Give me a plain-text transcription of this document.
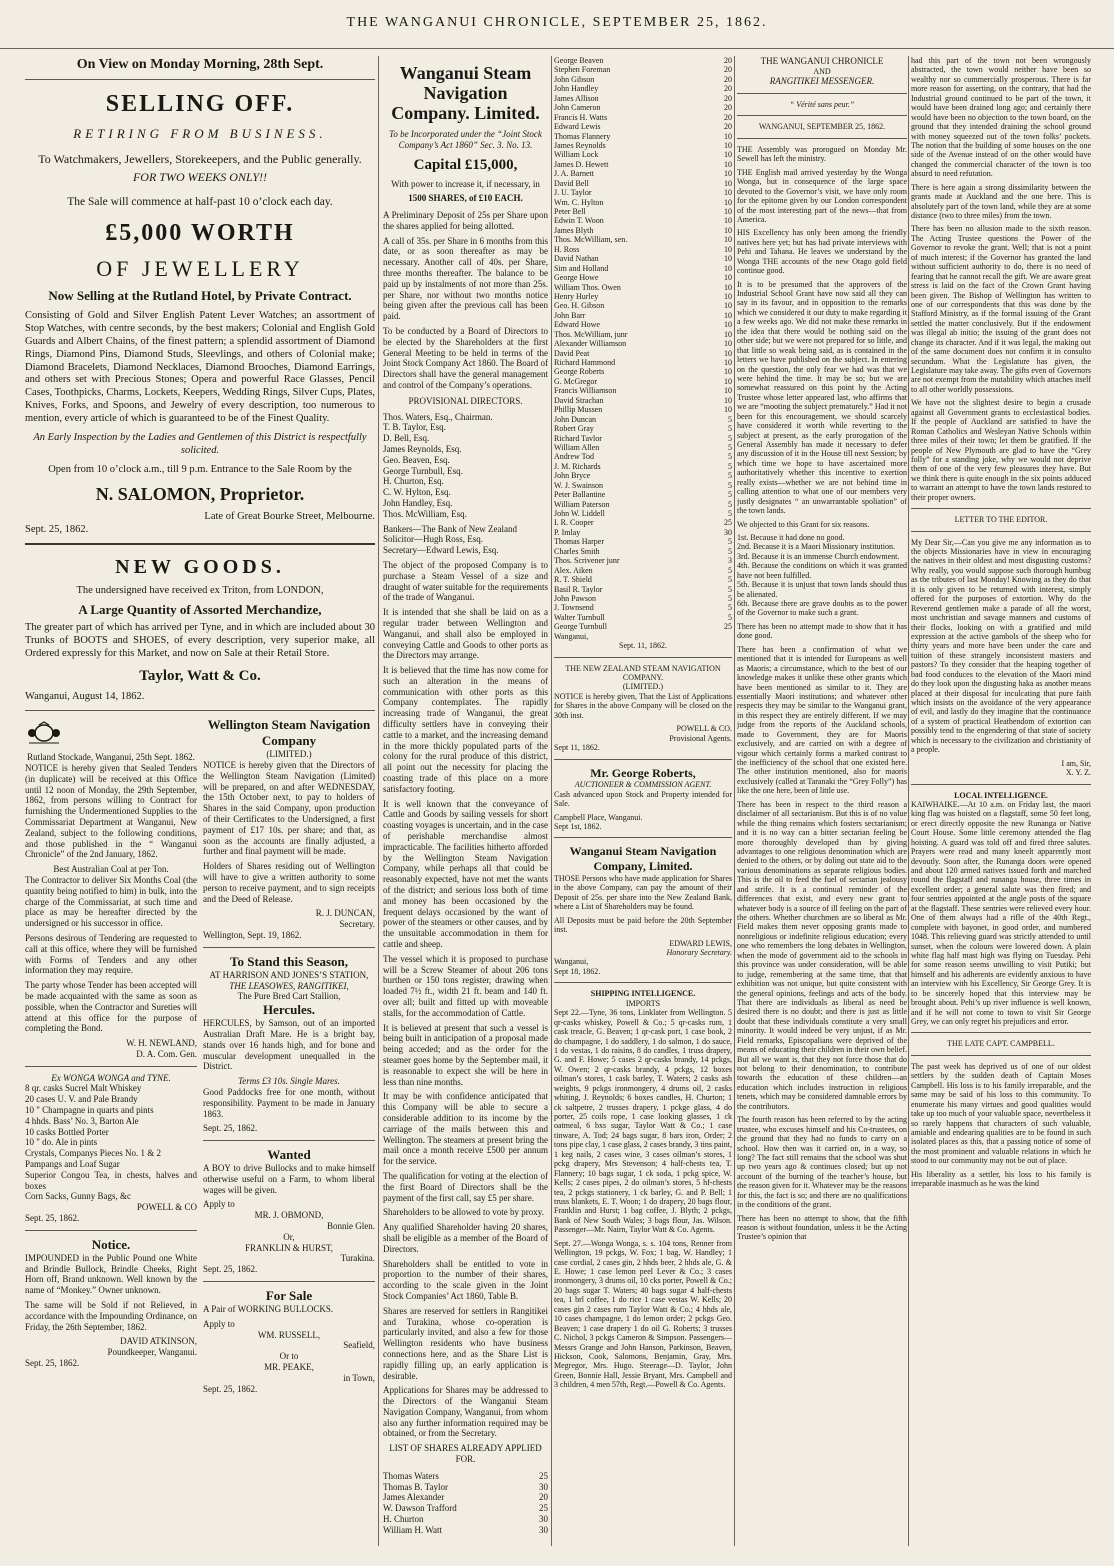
THE WANGANUI CHRONICLE, SEPTEMBER 25, 1862.
On View on Monday Morning, 28th Sept.
SELLING OFF.
RETIRING FROM BUSINESS.
To Watchmakers, Jewellers, Storekeepers, and the Public generally.
FOR TWO WEEKS ONLY!!
The Sale will commence at half-past 10 o’clock each day.
£5,000 WORTH
OF JEWELLERY
Now Selling at the Rutland Hotel, by Private Contract.

Consisting of Gold and Silver English Patent Lever Watches; an assortment of Stop Watches, with centre seconds, by the best makers; Colonial and English Gold Guards and Albert Chains, of the finest pattern; a splendid assortment of Diamond Rings, Diamond Pins, Diamond Studs, Sleevlings, and others of Colonial make; Diamond Bracelets, Diamond Necklaces, Diamond Brooches, Diamond Earrings, and others set with Precious Stones; Opera and powerful Race Glasses, Pencil Cases, Toothpicks, Charms, Lockets, Keepers, Wedding Rings, Silver Cups, Plates, Knives, Forks, and Spoons, and Jewelry of every description, too numerous to mention, every article of which is guaranteed to be of the Finest Quality.

An Early Inspection by the Ladies and Gentlemen of this District is respectfully solicited.
Open from 10 o’clock a.m., till 9 p.m. Entrance to the Sale Room by the
N. SALOMON, Proprietor.
Late of Great Bourke Street, Melbourne.
Sept. 25, 1862.
NEW GOODS.
The undersigned have received ex Triton, from LONDON,
A Large Quantity of Assorted Merchandize,

The greater part of which has arrived per Tyne, and in which are included about 30 Trunks of BOOTS and SHOES, of every description, very superior make, all Ordered expressly for this Market, and now on Sale at their Retail Store.

Taylor, Watt & Co.
Wanganui, August 14, 1862.
Rutland Stockade, Wanganui, 25th Sept. 1862.

NOTICE is hereby given that Sealed Tenders (in duplicate) will be received at this Office until 12 noon of Monday, the 29th September, 1862, from persons willing to Contract for furnishing the Undermentioned Supplies to the Commissariat Department at Wanganui, New Zealand, subject to the following conditions, and those published in the “ Wanganui Chronicle” of the 2nd January, 1862.

Best Australian Coal at per Ton.

The Contractor to deliver Six Months Coal (the quantity being notified to him) in bulk, into the charge of the Commissariat, at such time and place as may be hereafter directed by the undersigned or his successor in office.

Persons desirous of Tendering are requested to call at this office, where they will be furnished with Forms of Tenders and any other information they may require.

The party whose Tender has been accepted will be made acquainted with the same as soon as possible, when the Contractor and Sureties will attend at this office for the purpose of completing the Bond.

W. H. NEWLAND,
D. A. Com. Gen.
Ex WONGA WONGA and TYNE.
8 qr. casks Sucrel Malt Whiskey
20 cases U. V. and Pale Brandy
10 " Champagne in quarts and pints
4 hhds. Bass’ No. 3, Barton Ale
10 casks Bottled Porter
10 " do. Ale in pints
Crystals, Companys Pieces No. 1 & 2
Pampangs and Loaf Sugar
Superior Congou Tea, in chests, halves and boxes
Corn Sacks, Gunny Bags, &c
POWELL & CO
Sept. 25, 1862.
Notice.

IMPOUNDED in the Public Pound one White and Brindle Bullock, Brindle Cheeks, Right Horn off, Brand unknown. Well known by the name of “Monkey.” Owner unknown.

The same will be Sold if not Relieved, in accordance with the Impounding Ordinance, on Friday, the 26th September, 1862.

DAVID ATKINSON,
Poundkeeper, Wanganui.
Sept. 25, 1862.
Wellington Steam Navigation Company
(LIMITED.)

NOTICE is hereby given that the Directors of the Wellington Steam Navigation (Limited) will be prepared, on and after WEDNESDAY, the 15th October next, to pay to holders of Shares in the said Company, upon production of their Certificates to the Undersigned, a first payment of £17 10s. per share; and that, as soon as the accounts are finally adjusted, a further and final payment will be made.

Holders of Shares residing out of Wellington will have to give a written authority to some person to receive payment, and to sign receipts and the Deed of Release.

R. J. DUNCAN,
Secretary.
Wellington, Sept. 19, 1862.
To Stand this Season,
AT HARRISON AND JONES’S STATION,
THE LEASOWES, RANGITIKEI,
The Pure Bred Cart Stallion,
Hercules.

HERCULES, by Samson, out of an imported Australian Draft Mare. He is a bright bay, stands over 16 hands high, and for bone and muscular development unequalled in the District.

Terms £3 10s. Single Mares.

Good Paddocks free for one month, without responsibility. Payment to be made in January 1863.

Sept. 25, 1862.
Wanted

A BOY to drive Bullocks and to make himself otherwise useful on a Farm, to whom liberal wages will be given.

Apply to
MR. J. OBMOND,
Bonnie Glen.
Or,
FRANKLIN & HURST,
Turakina.
Sept. 25, 1862.
For Sale

A Pair of WORKING BULLOCKS.

Apply to
WM. RUSSELL,
Seafield,
Or to
MR. PEAKE,
in Town,
Sept. 25, 1862.
Wanganui Steam Navigation Company. Limited.
To be Incorporated under the “Joint Stock Company’s Act 1860” Sec. 3. No. 13.
Capital £15,000,
With power to increase it, if necessary, in
1500 SHARES, of £10 EACH.

A Preliminary Deposit of 25s per Share upon the shares applied for being allotted.

A call of 35s. per Share in 6 months from this date, or as soon thereafter as may be necessary. Another call of 40s. per Share, three months thereafter. The balance to be paid up by instalments of not more than 25s. per Share, nor without two months notice being given after the previous call has been paid.

To be conducted by a Board of Directors to be elected by the Shareholders at the first General Meeting to be held in terms of the Joint Stock Company Act 1860. The Board of Directors shall have the general management and control of the Company’s operations.

PROVISIONAL DIRECTORS.
Thos. Waters, Esq., Chairman.
T. B. Taylor, Esq.
D. Bell, Esq.
James Reynolds, Esq.
Geo. Beaven, Esq.
George Turnbull, Esq.
H. Churton, Esq.
C. W. Hylton, Esq.
John Handley, Esq.
Thos. McWilliam, Esq.
Bankers—The Bank of New Zealand
Solicitor—Hugh Ross, Esq.
Secretary—Edward Lewis, Esq.

The object of the proposed Company is to purchase a Steam Vessel of a size and draught of water suitable for the requirements of the trade of Wanganui.

It is intended that she shall be laid on as a regular trader between Wellington and Wanganui, and shall also be employed in conveying Cattle and Goods to other ports as the Directors may arrange.

It is believed that the time has now come for such an alteration in the means of communication with other ports as this Company contemplates. The rapidly increasing trade of Wanganui, the great difficulty settlers have in conveying their cattle to a market, and the increasing demand in the more thickly populated parts of the colony for the rural produce of this district, all point out the necessity for placing the coasting trade of this place on a more satisfactory footing.

It is well known that the conveyance of Cattle and Goods by sailing vessels for short coasting voyages is uncertain, and in the case of perishable merchandise almost impracticable. The facilities hitherto afforded by the Wellington Steam Navigation Company, while perhaps all that could be reasonably expected, have not met the wants of the district; and serious loss both of time and money has been occasioned by the frequent delays occasioned by the want of power of the steamers or other causes, and by the unsuitable accommodation in them for cattle and sheep.

The vessel which it is proposed to purchase will be a Screw Steamer of about 206 tons burthen or 150 tons register, drawing when loaded 7½ ft., width 21 ft. beam and 140 ft. over all; built and fitted up with moveable stalls, for the accommodation of Cattle.

It is believed at present that such a vessel is being built in anticipation of a proposal made being acceded; and as the order for the steamer goes home by the September mail, it is reasonable to expect she will be here in less than nine months.

It may be with confidence anticipated that this Company will be able to secure a considerable addition to its income by the carriage of the mails between this and Wellington. The steamers at present bring the mail once a month receive £500 per annum for the service.

The qualification for voting at the election of the first Board of Directors shall be the payment of the first call, say £5 per share.

Shareholders to be allowed to vote by proxy.

Any qualified Shareholder having 20 shares, shall be eligible as a member of the Board of Directors.

Shareholders shall be entitled to vote in proportion to the number of their shares, according to the scale given in the Joint Stock Companies’ Act 1860, Table B.

Shares are reserved for settlers in Rangitikei and Turakina, whose co-operation is particularly invited, and also a few for those Wellington residents who have business connections here, and as the Share List is rapidly filling up, an early application is desirable.

Applications for Shares may be addressed to the Directors of the Wanganui Steam Navigation Company, Wanganui, from whom also any further information required may be obtained, or from the Secretary.

LIST OF SHARES ALREADY APPLIED FOR.
Thomas Waters	25
Thomas B. Taylor	30
James Alexander	20
W. Dawson Trafford	25
H. Churton	30
William H. Watt	30
George Beaven	20
Stephen Foreman	20
John Gibson	20
John Handley	20
James Allison	20
John Cameron	20
Francis H. Watts	20
Edward Lewis	20
Thomas Flannery	10
James Reynolds	10
William Lock	10
James D. Hewett	10
J. A. Barnett	10
David Bell	10
J. U. Taylor	10
Wm. C. Hylton	10
Peter Bell	10
Edwin T. Woon	10
James Blyth	10
Thos. McWilliam, sen.	10
H. Ross	10
David Nathan	10
Sim and Holland	10
George Howe	10
William Thos. Owen	10
Henry Hurley	10
Geo. H. Gibson	10
John Barr	10
Edward Howe	10
Thos. McWilliam, junr	10
Alexander Williamson	10
David Peat	10
Richard Hammond	10
George Roberts	10
G. McGregor	10
Francis Williamson	10
David Strachan	10
Phillip Mussen	10
John Duncan	5
Robert Gray	5
Richard Tavlor	5
William Allen	5
Andrew Tod	5
J. M. Richards	5
John Bryce	5
W. J. Swainson	5
Peter Ballantine	5
William Paterson	5
John W. Liddell	5
I. R. Cooper	25
P. Imlay	30
Thomas Harper	5
Charles Smith	5
Thos. Scrivener junr	3
Alex. Aiken	5
R. T. Shield	5
Basil R. Taylor	5
John Pawson	5
J. Townsend	5
Walter Turnbull	5
George Turnbull	25
Wanganui,
Sept. 11, 1862.
THE NEW ZEALAND STEAM NAVIGATION COMPANY.
(LIMITED.)

NOTICE is hereby given, That the List of Applications for Shares in the above Company will be closed on the 30th inst.

POWELL & CO.
Provisional Agents.
Sept 11, 1862.
Mr. George Roberts,
AUCTIONEER & COMMISSION AGENT.

Cash advanced upon Stock and Property intended for Sale.

Campbell Place, Wanganui.
Sept 1st, 1862.
Wanganui Steam Navigation Company, Limited.

THOSE Persons who have made application for Shares in the above Company, can pay the amount of their Deposit of 25s. per share into the New Zealand Bank, where a List of Shareholders may be found.

All Deposits must be paid before the 20th September inst.

EDWARD LEWIS,
Honorary Secretary.
Wanganui,
Sept 18, 1862.
SHIPPING INTELLIGENCE.
IMPORTS

Sept 22.—Tyne, 36 tons, Linklater from Wellington. 5 qr-casks whiskey, Powell & Co.; 5 qr-casks rum, 1 cask treacle, G. Beaven; 1 qr-cask port, 1 case book, 2 do champagne, 1 do saddlery, 1 do salmon, 1 do sauce, 1 do vestas, 1 do raisins, 8 do candles, 1 truss drapery, G. and F. Howe; 5 cases 2 qr-casks brandy, 14 pckgs, W. Owen; 2 qr-casks brandy, 4 pckgs, 12 boxes oilman’s stores, 1 cask barley, T. Waters; 2 casks ash weights, 9 pckgs ironmongery, 4 drums oil, 2 casks whiting, J. Reynolds; 6 boxes candles, H. Churton; 1 ck saltpetre, 2 trusses drapery, 1 pckge glass, 4 do porter, 25 coils rope, 1 case looking glasses, 1 ck oatmeal, 6 bxs sugar, Taylor Watt & Co.; 1 case tinware, A. Tod; 24 bags sugar, 8 bars iron, Order; 2 tons pipe clay, 1 case glass, 2 cases brandy, 3 tins paint, 1 keg nails, 2 cases wine, 3 cases oilman’s stores, 1 pckg drapery, Mrs Stevenson; 4 half-chests tea, T. Flannery; 10 bags sugar, 1 ck soda, 1 pckg spice, W. Kells; 2 cases pipes, 2 do oilman’s stores, 5 hf-chests tea, 2 pckgs stationery, 1 ck barley, G. and P. Bell; 1 truss blankets, E. T. Woon; 1 do drapery, 20 bags flour, Franklin and Hurst; 1 bag coffee, J. Blyth; 2 pckgs, Bank of New South Wales; 3 bags flour, Jas. Wilson. Passenger—Mr. Nairn, Taylor Watt & Co. Agents.

Sept. 27.—Wonga Wonga, s. s. 104 tons, Renner from Wellington, 19 pckgs, W. Fox; 1 bag, W. Handley; 1 case cordial, 2 cases gin, 2 hhds beer, 2 hhds ale, G. & E. Howe; 1 case lemon peel Lever & Co.; 3 cases ironmongery, 3 drums oil, 10 cks porter, Powell & Co.; 20 bags sugar T. Waters; 40 bags sugar 4 half-chests tea, 1 brl coffee, 1 do rice 1 case vestas W. Kells; 20 cases gin 2 cases rum Taylor Watt & Co.; 4 hhds ale, 10 cases champagne, 1 do lemon order; 2 pckgs Geo. Beaven; 1 case drapery 1 do oil G. Roberts; 3 trusses C. Nichol, 3 pckgs Cameron & Simpson. Passengers—Messrs Grange and John Hanson, Parkinson, Beaven, Hickson, Cook, Salomons, Benjamin, Gray, Mrs. Megregor, Mrs. Hugo. Steerage—D. Taylor, John Green, Bonnie Hall, Jessie Bryant, Mrs. Campbell and 3 children, 4 men 57th, Regt.—Powell & Co. Agents.

THE WANGANUI CHRONICLE
AND
RANGITIKEI MESSENGER.
“ Vérité sans peur.”
WANGANUI, SEPTEMBER 25, 1862.

THE Assembly was prorogued on Monday Mr. Sewell has left the ministry.

THE English mail arrived yesterday by the Wonga Wonga, but in consequence of the large space devoted to the Governor’s visit, we have only room for the epitome given by our London correspondent of the most interesting part of the news—that from America.

HIS Excellency has only been among the friendly natives here yet; but has had private interviews with Pehi and Tahana. He leaves we understand by the Wonga THE accounts of the new Otago gold field continue good.

It is to be presumed that the approvers of the Industrial School Grant have now said all they can say in its favour, and in opposition to the remarks which we considered it our duty to make regarding it a few weeks ago. We did not make these remarks in the idea that there would be nothing said on the other side; but we were not prepared for so little, and that little so weak being said, as is contained in the letters we have published on the subject. In entering on the question, the only fear we had was that we were behind the time. It may be so; but we are somewhat reassured on this point by the Acting Trustee whose letter appeared last, who affirms that we are “mooting the subject prematurely.” Had it not been for this encouragement, we should scarcely have considered it worth while reverting to the subject at present, as the early prorogation of the General Assembly has made it necessary to defer any discussion of it in the House till next Session; by which time we hope to have ascertained more authoritatively whether this incentive to exertion really exists—whether we are not behind time in calling attention to what one of our members very justly designates “ an unwarrantable spoliation” of the town lands.

We objected to this Grant for six reasons.

1st. Because it had done no good.
2nd. Because it is a Maori Missionary institution.
3rd. Because it is an immense Church endowment.
4th. Because the conditions on which it was granted have not been fulfilled.
5th. Because it is unjust that town lands should thus be alienated.
6th. Because there are grave doubts as to the power of the Governor to make such a grant.

There has been no attempt made to show that it has done good.

There has been a confirmation of what we mentioned that it is intended for Europeans as well as Maoris; a circumstance, which to the best of our knowledge makes it unlike these other grants which have been mentioned as similar to it. They are essentially Maori institutions; and whatever other respects they may be similar to the Wanganui grant, in this respect they are entirely different. If we may judge from the reports of the Auckland schools, made to Government, they are for Maoris exclusively, and are carried on with a degree of vigour which certainly forms a marked contrast to the inefficiency of the school that one existed here. The other institution mentioned, also for maoris exclusively (called at Taranaki the “Grey Folly”) has like the one here, been of little use.

There has been in respect to the third reason a disclaimer of all sectarianism. But this is of no value while the thing remains which fosters sectarianism; and it is no way can a bitter sectarian feeling be more thoroughly developed than by giving advantages to one religious denomination which are denied to the others, or by doling out state aid to the various denominations as separate religious bodies. This is the oil to feed the fuel of sectarian jealousy and strife. It is a continual reminder of the differences that exist, and every new grant to whatever body is a source of ill feeling on the part of the others. Whether churchmen are so liberal as Mr. Field makes them never opposing grants made to nonreligious or indefinite religious education; every one who remembers the long debates in Wellington, when the mode of government aid to the schools in this province was under consideration, will be able to judge, remembering at the same time, that that exhibition was not unique, but quite consistent with the general opinions, feelings and acts of the body. That there are individuals as liberal as need be desired there is no doubt; and there is just as little doubt that these individuals constitute a very small minority. It would indeed be very unjust, if as Mr. Field remarks, Episcopalians were deprived of the means of educating their children in their own belief. But all we want is, that they not force those that do not belong to their denomination, to contribute towards the education of these children—an education which includes instruction in religious tenets, which may be considered damnable errors by the contributors.

The fourth reason has been referred to by the acting trustee, who excuses himself and his Co-trustees, on the ground that they had no funds to carry on a school. How then was it carried on, in a way, so long? The fact still remains that the school was shut up two years ago & continues closed; but up not account of the burning of the teacher’s house, but the reason given for it. Whatever may be the reasons for this, the fact is so; and there are no qualifications in the conditions of the grant.

There has been no attempt to show, that the fifth reason is without foundation, unless it be the Acting Trustee’s opinion that

had this part of the town not been wrongously abstracted, the town would neither have been so wealthy nor so commercially prosperous. There is far more reason for asserting, on the contrary, that had the Industrial ground continued to be part of the town, it would have been drained long ago; and certainly there would have been no objection to the town board, on the ground that they intended draining the school ground with money squeezed out of the town folks’ pockets. The notion that the building of some houses on the one side of the Avenue instead of on the other would have changed the commercial character of the town is too absurd to need refutation.

There is here again a strong dissimilarity between the grants made at Auckland and the one here. This is absolutely part of the town land, while they are at some distance (two to three miles) from the town.

There has been no allusion made to the sixth reason. The Acting Trustee questions the Power of the Governor to revoke the grant. Well; that is not a point of much interest; if the Governor has granted the land without sufficient authority to do, there is no need of fearing that he cannot recall the gift. We are aware great stress is laid on the fact of the Crown Grant having been given. The Bishop of Wellington has written to one of our correspondents that this was done by the Stafford Ministry, as if the formal issuing of the Grant settled the matter conclusively. But if the endowment was illegal ab initio; the issuing of the grant does not change its character. And if it was legal, the making out of the same document does not confirm it in consulto secundum. What the Legislature has given, the Legislature may take away. The gifts even of Governors are not exempt from the mutability which attaches itself to all other worldly possessions.

We have not the slightest desire to begin a crusade against all Government grants to ecclesiastical bodies. If the people of Auckland are satisfied to have the Roman Catholics and Wesleyan Native Schools within three miles of their town; let them be gratified. If the people of New Plymouth are glad to have the “Grey folly” for a standing joke, why we would not deprive them of one of the very few pleasures they have. But we think there is quite enough in the six points adduced to warrant an attempt to have the town lands restored to their proper owners.

LETTER TO THE EDITOR.

My Dear Sir,—Can you give me any information as to the objects Missionaries have in view in encouraging the natives in their oldest and most disgusting customs? Why really, you would suppose such thorough humbug as the tributes of last Monday! Knowing as they do that it is only given to be returned with interest, simply offered for the purposes of extortion. Why do the Reverend gentlemen make a parade of all the worst, most unchristian and savage manners and customs of their flocks, looking on with a gratified and mild expression at the active gambols of the sheep who for thirty years and more have been under the care and tuition of these strangely inconsistent masters and pastors? To they consider that the heaping together of bad food conduces to the elevation of the Maori mind do they look upon the disgusting haka as another means placed at their disposal for inculcating that pure faith which insists on the avoidance of the very appearance of evil, and lastly do they imagine that the continuance of a system of practical Heathendom of extortion can possibly tend to the engendering of that state of society which is necessary to the civilization and christianity of a people.

I am, Sir,
X. Y. Z.
LOCAL INTELLIGENCE.

KAIWHAIKE.—At 10 a.m. on Friday last, the maori king flag was hoisted on a flagstaff, some 50 feet long, or erect directly opposite the new Runanga or Native Court House. Some little ceremony attended the flag hoisting. A guard was told off and fired three salutes. Prayers were read and many kneelt apparently most devoutly. Soon after, the Runanga doors were opened and about 120 armed natives issued forth and marched round the flagstaff and runanga house, three times in excellent order; a general salute was then fired; and four sentries appointed at the angle posts of the square at the flagstaff. These sentries were relieved every hour. One of them always had a rifle of the 40th Regt., complete with bayonet, in good order, and numbered 1048. This relieving guard was strictly attended to until sunset, when the colours were lowered down. A plain white flag half mast high was flying on Tuesday. Pehi for some reason seems unwilling to visit Putiki; but himself and his adherents are evidently anxious to have an interview with his Excellency, Sir George Grey. It is to be sincerely hoped that this interview may be brought about. Pehi’s up river influence is well known, and if he will not come to town to visit Sir George Grey, we can only regret his prejudices and error.

THE LATE CAPT. CAMPBELL.

The past week has deprived us of one of our oldest settlers by the sudden death of Captain Moses Campbell. His loss is to his family irreparable, and the same may be said of his loss to this community. To enumerate his many virtues and good qualities would take up too much of your valuable space, nevertheless it so rarely happens that characters of such valuable, amiable and endearing qualities are to be found in such isolated places as this, that a passing notice of some of the most prominent and valuable relations in which he stood to our community may not be out of place.

His liberality as a settler, his loss to his family is irreparable inasmuch as he was the kind
